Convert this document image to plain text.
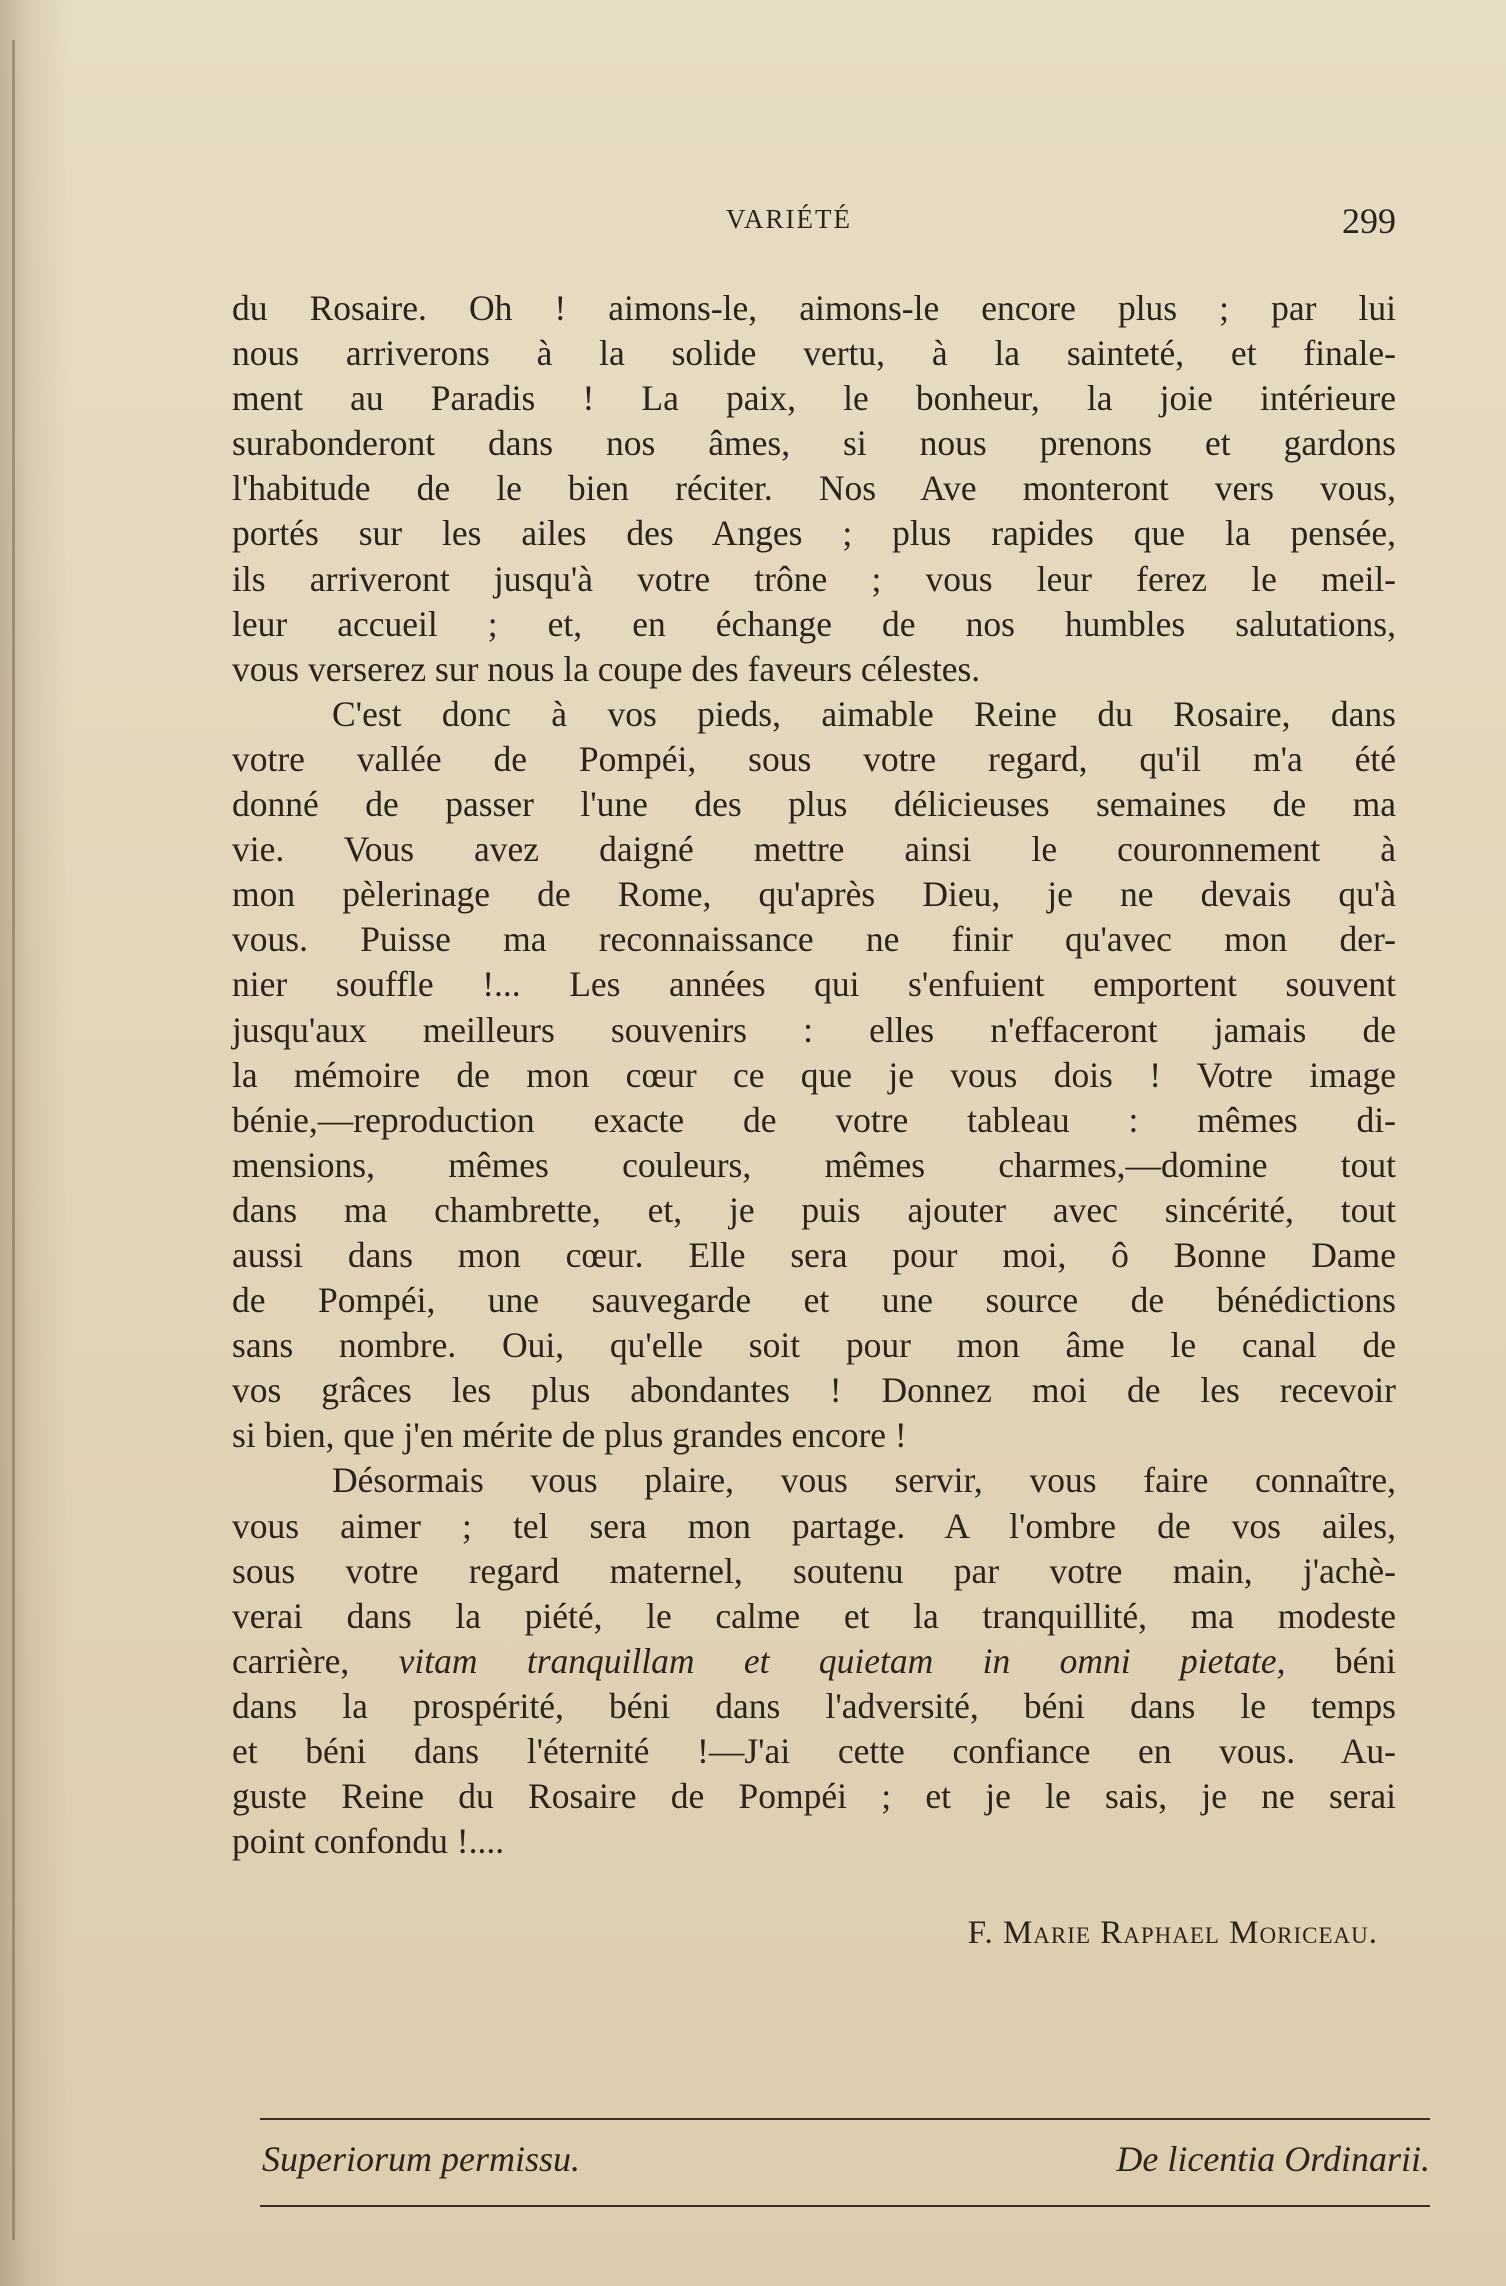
VARIÉTÉ	299
du Rosaire. Oh ! aimons-le, aimons-le encore plus ; par lui
nous arriverons à la solide vertu, à la sainteté, et finale-
ment au Paradis ! La paix, le bonheur, la joie intérieure
surabonderont dans nos âmes, si nous prenons et gardons
l'habitude de le bien réciter. Nos Ave monteront vers vous,
portés sur les ailes des Anges ; plus rapides que la pensée,
ils arriveront jusqu'à votre trône ; vous leur ferez le meil-
leur accueil ; et, en échange de nos humbles salutations,
vous verserez sur nous la coupe des faveurs célestes.
C'est donc à vos pieds, aimable Reine du Rosaire, dans
votre vallée de Pompéi, sous votre regard, qu'il m'a été
donné de passer l'une des plus délicieuses semaines de ma
vie. Vous avez daigné mettre ainsi le couronnement à
mon pèlerinage de Rome, qu'après Dieu, je ne devais qu'à
vous. Puisse ma reconnaissance ne finir qu'avec mon der-
nier souffle !... Les années qui s'enfuient emportent souvent
jusqu'aux meilleurs souvenirs : elles n'effaceront jamais de
la mémoire de mon cœur ce que je vous dois ! Votre image
bénie,—reproduction exacte de votre tableau : mêmes di-
mensions, mêmes couleurs, mêmes charmes,—domine tout
dans ma chambrette, et, je puis ajouter avec sincérité, tout
aussi dans mon cœur. Elle sera pour moi, ô Bonne Dame
de Pompéi, une sauvegarde et une source de bénédictions
sans nombre. Oui, qu'elle soit pour mon âme le canal de
vos grâces les plus abondantes ! Donnez moi de les recevoir
si bien, que j'en mérite de plus grandes encore !
Désormais vous plaire, vous servir, vous faire connaître,
vous aimer ; tel sera mon partage. A l'ombre de vos ailes,
sous votre regard maternel, soutenu par votre main, j'achè-
verai dans la piété, le calme et la tranquillité, ma modeste
carrière, vitam tranquillam et quietam in omni pietate, béni
dans la prospérité, béni dans l'adversité, béni dans le temps
et béni dans l'éternité !—J'ai cette confiance en vous. Au-
guste Reine du Rosaire de Pompéi ; et je le sais, je ne serai
point confondu !....
F. Marie Raphael Moriceau.
Superiorum permissu.	De licentia Ordinarii.
